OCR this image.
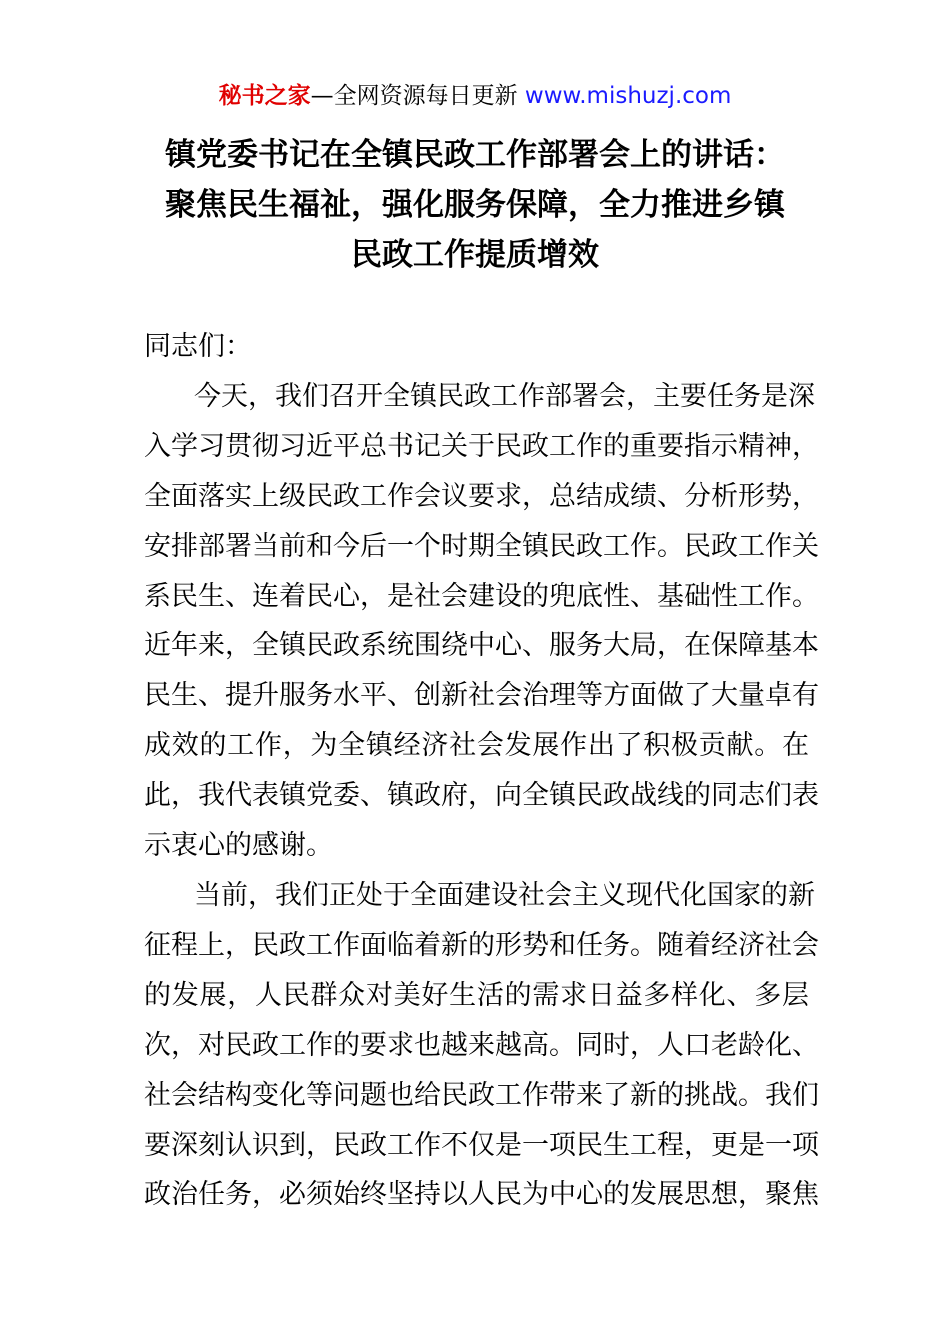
秘书之家—全网资源每日更新 www.mishuzj.com
镇党委书记在全镇民政工作部署会上的讲话：
聚焦民生福祉，强化服务保障，全力推进乡镇
民政工作提质增效

同志们：

今天，我们召开全镇民政工作部署会，主要任务是深
入学习贯彻习近平总书记关于民政工作的重要指示精神，
全面落实上级民政工作会议要求，总结成绩、分析形势，
安排部署当前和今后一个时期全镇民政工作。民政工作关
系民生、连着民心，是社会建设的兜底性、基础性工作。
近年来，全镇民政系统围绕中心、服务大局，在保障基本
民生、提升服务水平、创新社会治理等方面做了大量卓有
成效的工作，为全镇经济社会发展作出了积极贡献。在
此，我代表镇党委、镇政府，向全镇民政战线的同志们表
示衷心的感谢。

当前，我们正处于全面建设社会主义现代化国家的新
征程上，民政工作面临着新的形势和任务。随着经济社会
的发展，人民群众对美好生活的需求日益多样化、多层
次，对民政工作的要求也越来越高。同时，人口老龄化、
社会结构变化等问题也给民政工作带来了新的挑战。我们
要深刻认识到，民政工作不仅是一项民生工程，更是一项
政治任务，必须始终坚持以人民为中心的发展思想，聚焦
